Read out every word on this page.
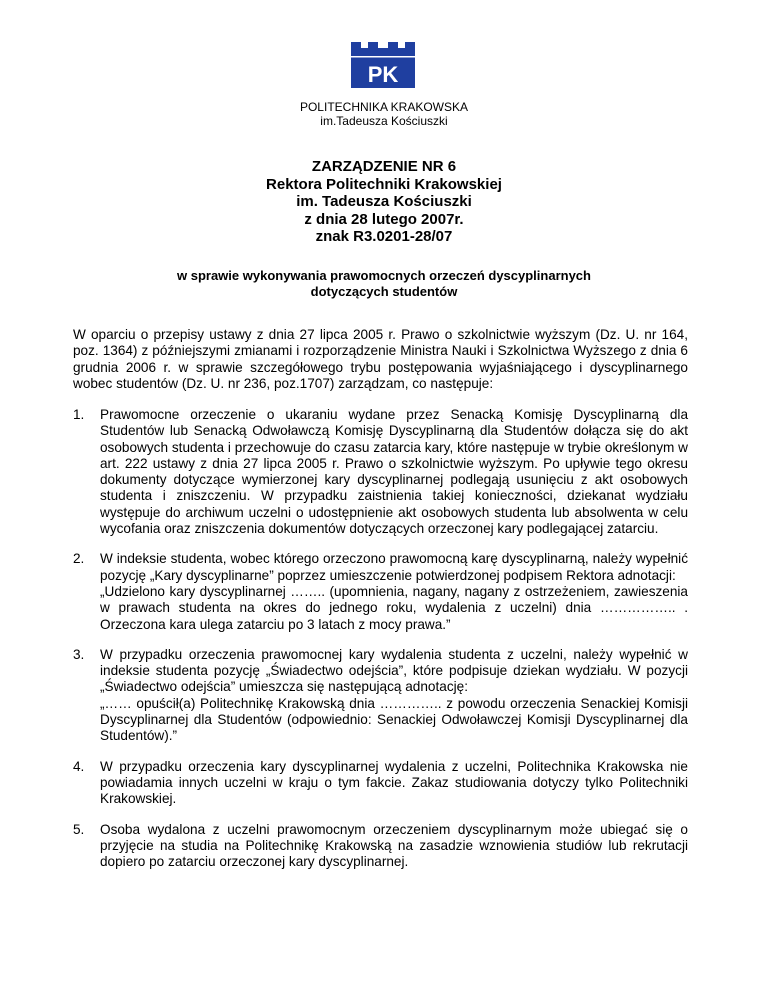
PK
POLITECHNIKA KRAKOWSKA
im.Tadeusza Kościuszki
ZARZĄDZENIE NR 6
Rektora Politechniki Krakowskiej
im. Tadeusza Kościuszki
z dnia 28 lutego 2007r.
znak R3.0201-28/07
w sprawie wykonywania prawomocnych orzeczeń dyscyplinarnych
dotyczących studentów

W oparciu o przepisy ustawy z dnia 27 lipca 2005 r. Prawo o szkolnictwie wyższym (Dz. U. nr 164, poz. 1364) z późniejszymi zmianami i rozporządzenie Ministra Nauki i Szkolnictwa Wyższego z dnia 6 grudnia 2006 r. w sprawie szczegółowego trybu postępowania wyjaśniającego i dyscyplinarnego wobec studentów (Dz. U. nr 236, poz.1707) zarządzam, co następuje:

1. Prawomocne orzeczenie o ukaraniu wydane przez Senacką Komisję Dyscyplinarną dla Studentów lub Senacką Odwoławczą Komisję Dyscyplinarną dla Studentów dołącza się do akt osobowych studenta i przechowuje do czasu zatarcia kary, które następuje w trybie określonym w art. 222 ustawy z dnia 27 lipca 2005 r. Prawo o szkolnictwie wyższym. Po upływie tego okresu dokumenty dotyczące wymierzonej kary dyscyplinarnej podlegają usunięciu z akt osobowych studenta i zniszczeniu. W przypadku zaistnienia takiej konieczności, dziekanat wydziału występuje do archiwum uczelni o udostępnienie akt osobowych studenta lub absolwenta w celu wycofania oraz zniszczenia dokumentów dotyczących orzeczonej kary podlegającej zatarciu.
2. W indeksie studenta, wobec którego orzeczono prawomocną karę dyscyplinarną, należy wypełnić pozycję „Kary dyscyplinarne” poprzez umieszczenie potwierdzonej podpisem Rektora adnotacji:
„Udzielono kary dyscyplinarnej …….. (upomnienia, nagany, nagany z ostrzeżeniem, zawieszenia w prawach studenta na okres do jednego roku, wydalenia z uczelni) dnia …………….. . Orzeczona kara ulega zatarciu po 3 latach z mocy prawa.”
3. W przypadku orzeczenia prawomocnej kary wydalenia studenta z uczelni, należy wypełnić w indeksie studenta pozycję „Świadectwo odejścia”, które podpisuje dziekan wydziału. W pozycji „Świadectwo odejścia” umieszcza się następującą adnotację:
„…… opuścił(a) Politechnikę Krakowską dnia ………….. z powodu orzeczenia Senackiej Komisji Dyscyplinarnej dla Studentów (odpowiednio: Senackiej Odwoławczej Komisji Dyscyplinarnej dla Studentów).”
4. W przypadku orzeczenia kary dyscyplinarnej wydalenia z uczelni, Politechnika Krakowska nie powiadamia innych uczelni w kraju o tym fakcie. Zakaz studiowania dotyczy tylko Politechniki Krakowskiej.
5. Osoba wydalona z uczelni prawomocnym orzeczeniem dyscyplinarnym może ubiegać się o przyjęcie na studia na Politechnikę Krakowską na zasadzie wznowienia studiów lub rekrutacji dopiero po zatarciu orzeczonej kary dyscyplinarnej.
